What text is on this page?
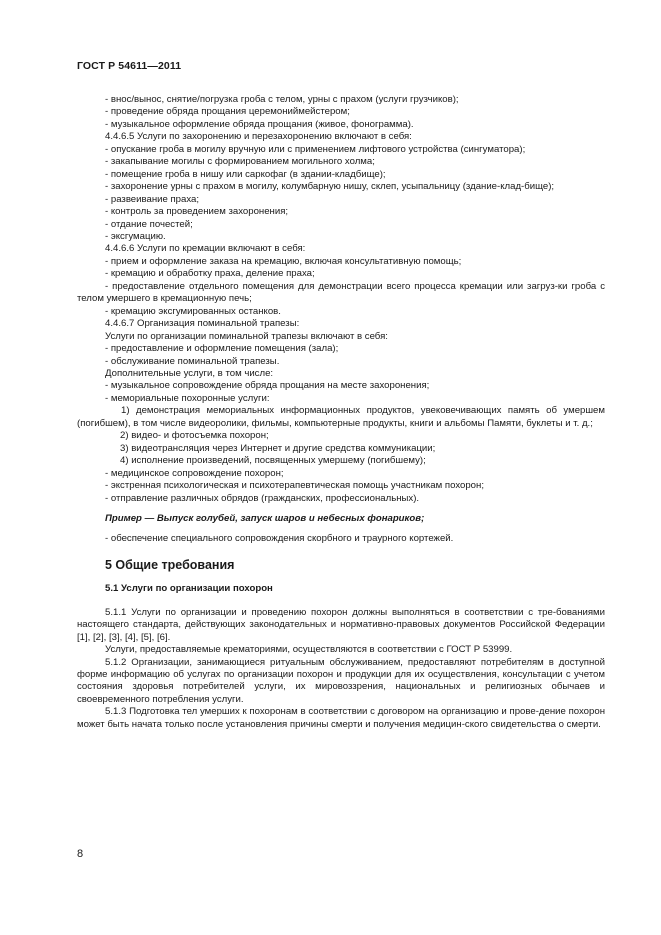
ГОСТ Р 54611—2011

- внос/вынос, снятие/погрузка гроба с телом, урны с прахом (услуги грузчиков);

- проведение обряда прощания церемониймейстером;

- музыкальное оформление обряда прощания (живое, фонограмма).

4.4.6.5 Услуги по захоронению и перезахоронению включают в себя:

- опускание гроба в могилу вручную или с применением лифтового устройства (сингуматора);

- закапывание могилы с формированием могильного холма;

- помещение гроба в нишу или саркофаг (в здании-кладбище);

- захоронение урны с прахом в могилу, колумбарную нишу, склеп, усыпальницу (здание-клад-бище);

- развеивание праха;

- контроль за проведением захоронения;

- отдание почестей;

- эксгумацию.

4.4.6.6 Услуги по кремации включают в себя:

- прием и оформление заказа на кремацию, включая консультативную помощь;

- кремацию и обработку праха, деление праха;

- предоставление отдельного помещения для демонстрации всего процесса кремации или загруз-ки гроба с телом умершего в кремационную печь;

- кремацию эксгумированных останков.

4.4.6.7 Организация поминальной трапезы:

Услуги по организации поминальной трапезы включают в себя:

- предоставление и оформление помещения (зала);

- обслуживание поминальной трапезы.

Дополнительные услуги, в том числе:

- музыкальное сопровождение обряда прощания на месте захоронения;

- мемориальные похоронные услуги:

1) демонстрация мемориальных информационных продуктов, увековечивающих память об умершем (погибшем), в том числе видеоролики, фильмы, компьютерные продукты, книги и альбомы Памяти, буклеты и т. д.;

2) видео- и фотосъемка похорон;

3) видеотрансляция через Интернет и другие средства коммуникации;

4) исполнение произведений, посвященных умершему (погибшему);

- медицинское сопровождение похорон;

- экстренная психологическая и психотерапевтическая помощь участникам похорон;

- отправление различных обрядов (гражданских, профессиональных).

Пример — Выпуск голубей, запуск шаров и небесных фонариков;

- обеспечение специального сопровождения скорбного и траурного кортежей.

5 Общие требования

5.1 Услуги по организации похорон

5.1.1 Услуги по организации и проведению похорон должны выполняться в соответствии с тре-бованиями настоящего стандарта, действующих законодательных и нормативно-правовых документов Российской Федерации [1], [2], [3], [4], [5], [6].

Услуги, предоставляемые крематориями, осуществляются в соответствии с ГОСТ Р 53999.

5.1.2 Организации, занимающиеся ритуальным обслуживанием, предоставляют потребителям в доступной форме информацию об услугах по организации похорон и продукции для их осуществления, консультации с учетом состояния здоровья потребителей услуги, их мировоззрения, национальных и религиозных обычаев и своевременного потребления услуги.

5.1.3 Подготовка тел умерших к похоронам в соответствии с договором на организацию и прове-дение похорон может быть начата только после установления причины смерти и получения медицин-ского свидетельства о смерти.

8
